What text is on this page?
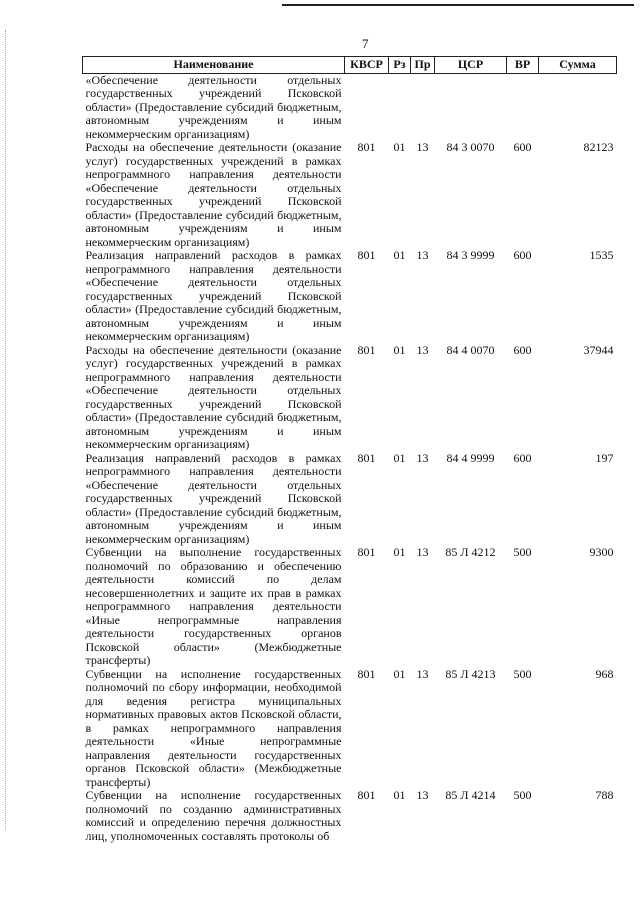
7
Наименование	КВСР	Рз	Пр	ЦСР	ВР	Сумма
«Обеспечение деятельности отдельных государственных учреждений Псковской области» (Предоставление субсидий бюджетным, автономным учреждениям и иным некоммерческим организациям)						
Расходы на обеспечение деятельности (оказание услуг) государственных учреждений в рамках непрограммного направления деятельности «Обеспечение деятельности отдельных государственных учреждений Псковской области» (Предоставление субсидий бюджетным, автономным учреждениям и иным некоммерческим организациям)	801	01	13	84 3 0070	600	82123
Реализация направлений расходов в рамках непрограммного направления деятельности «Обеспечение деятельности отдельных государственных учреждений Псковской области» (Предоставление субсидий бюджетным, автономным учреждениям и иным некоммерческим организациям)	801	01	13	84 3 9999	600	1535
Расходы на обеспечение деятельности (оказание услуг) государственных учреждений в рамках непрограммного направления деятельности «Обеспечение деятельности отдельных государственных учреждений Псковской области» (Предоставление субсидий бюджетным, автономным учреждениям и иным некоммерческим организациям)	801	01	13	84 4 0070	600	37944
Реализация направлений расходов в рамках непрограммного направления деятельности «Обеспечение деятельности отдельных государственных учреждений Псковской области» (Предоставление субсидий бюджетным, автономным учреждениям и иным некоммерческим организациям)	801	01	13	84 4 9999	600	197
Субвенции на выполнение государственных полномочий по образованию и обеспечению деятельности комиссий по делам несовершеннолетних и защите их прав в рамках непрограммного направления деятельности «Иные непрограммные направления деятельности государственных органов Псковской области» (Межбюджетные трансферты)	801	01	13	85 Л 4212	500	9300
Субвенции на исполнение государственных полномочий по сбору информации, необходимой для ведения регистра муниципальных нормативных правовых актов Псковской области, в рамках непрограммного направления деятельности «Иные непрограммные направления деятельности государственных органов Псковской области» (Межбюджетные трансферты)	801	01	13	85 Л 4213	500	968
Субвенции на исполнение государственных полномочий по созданию административных комиссий и определению перечня должностных лиц, уполномоченных составлять протоколы об	801	01	13	85 Л 4214	500	788
